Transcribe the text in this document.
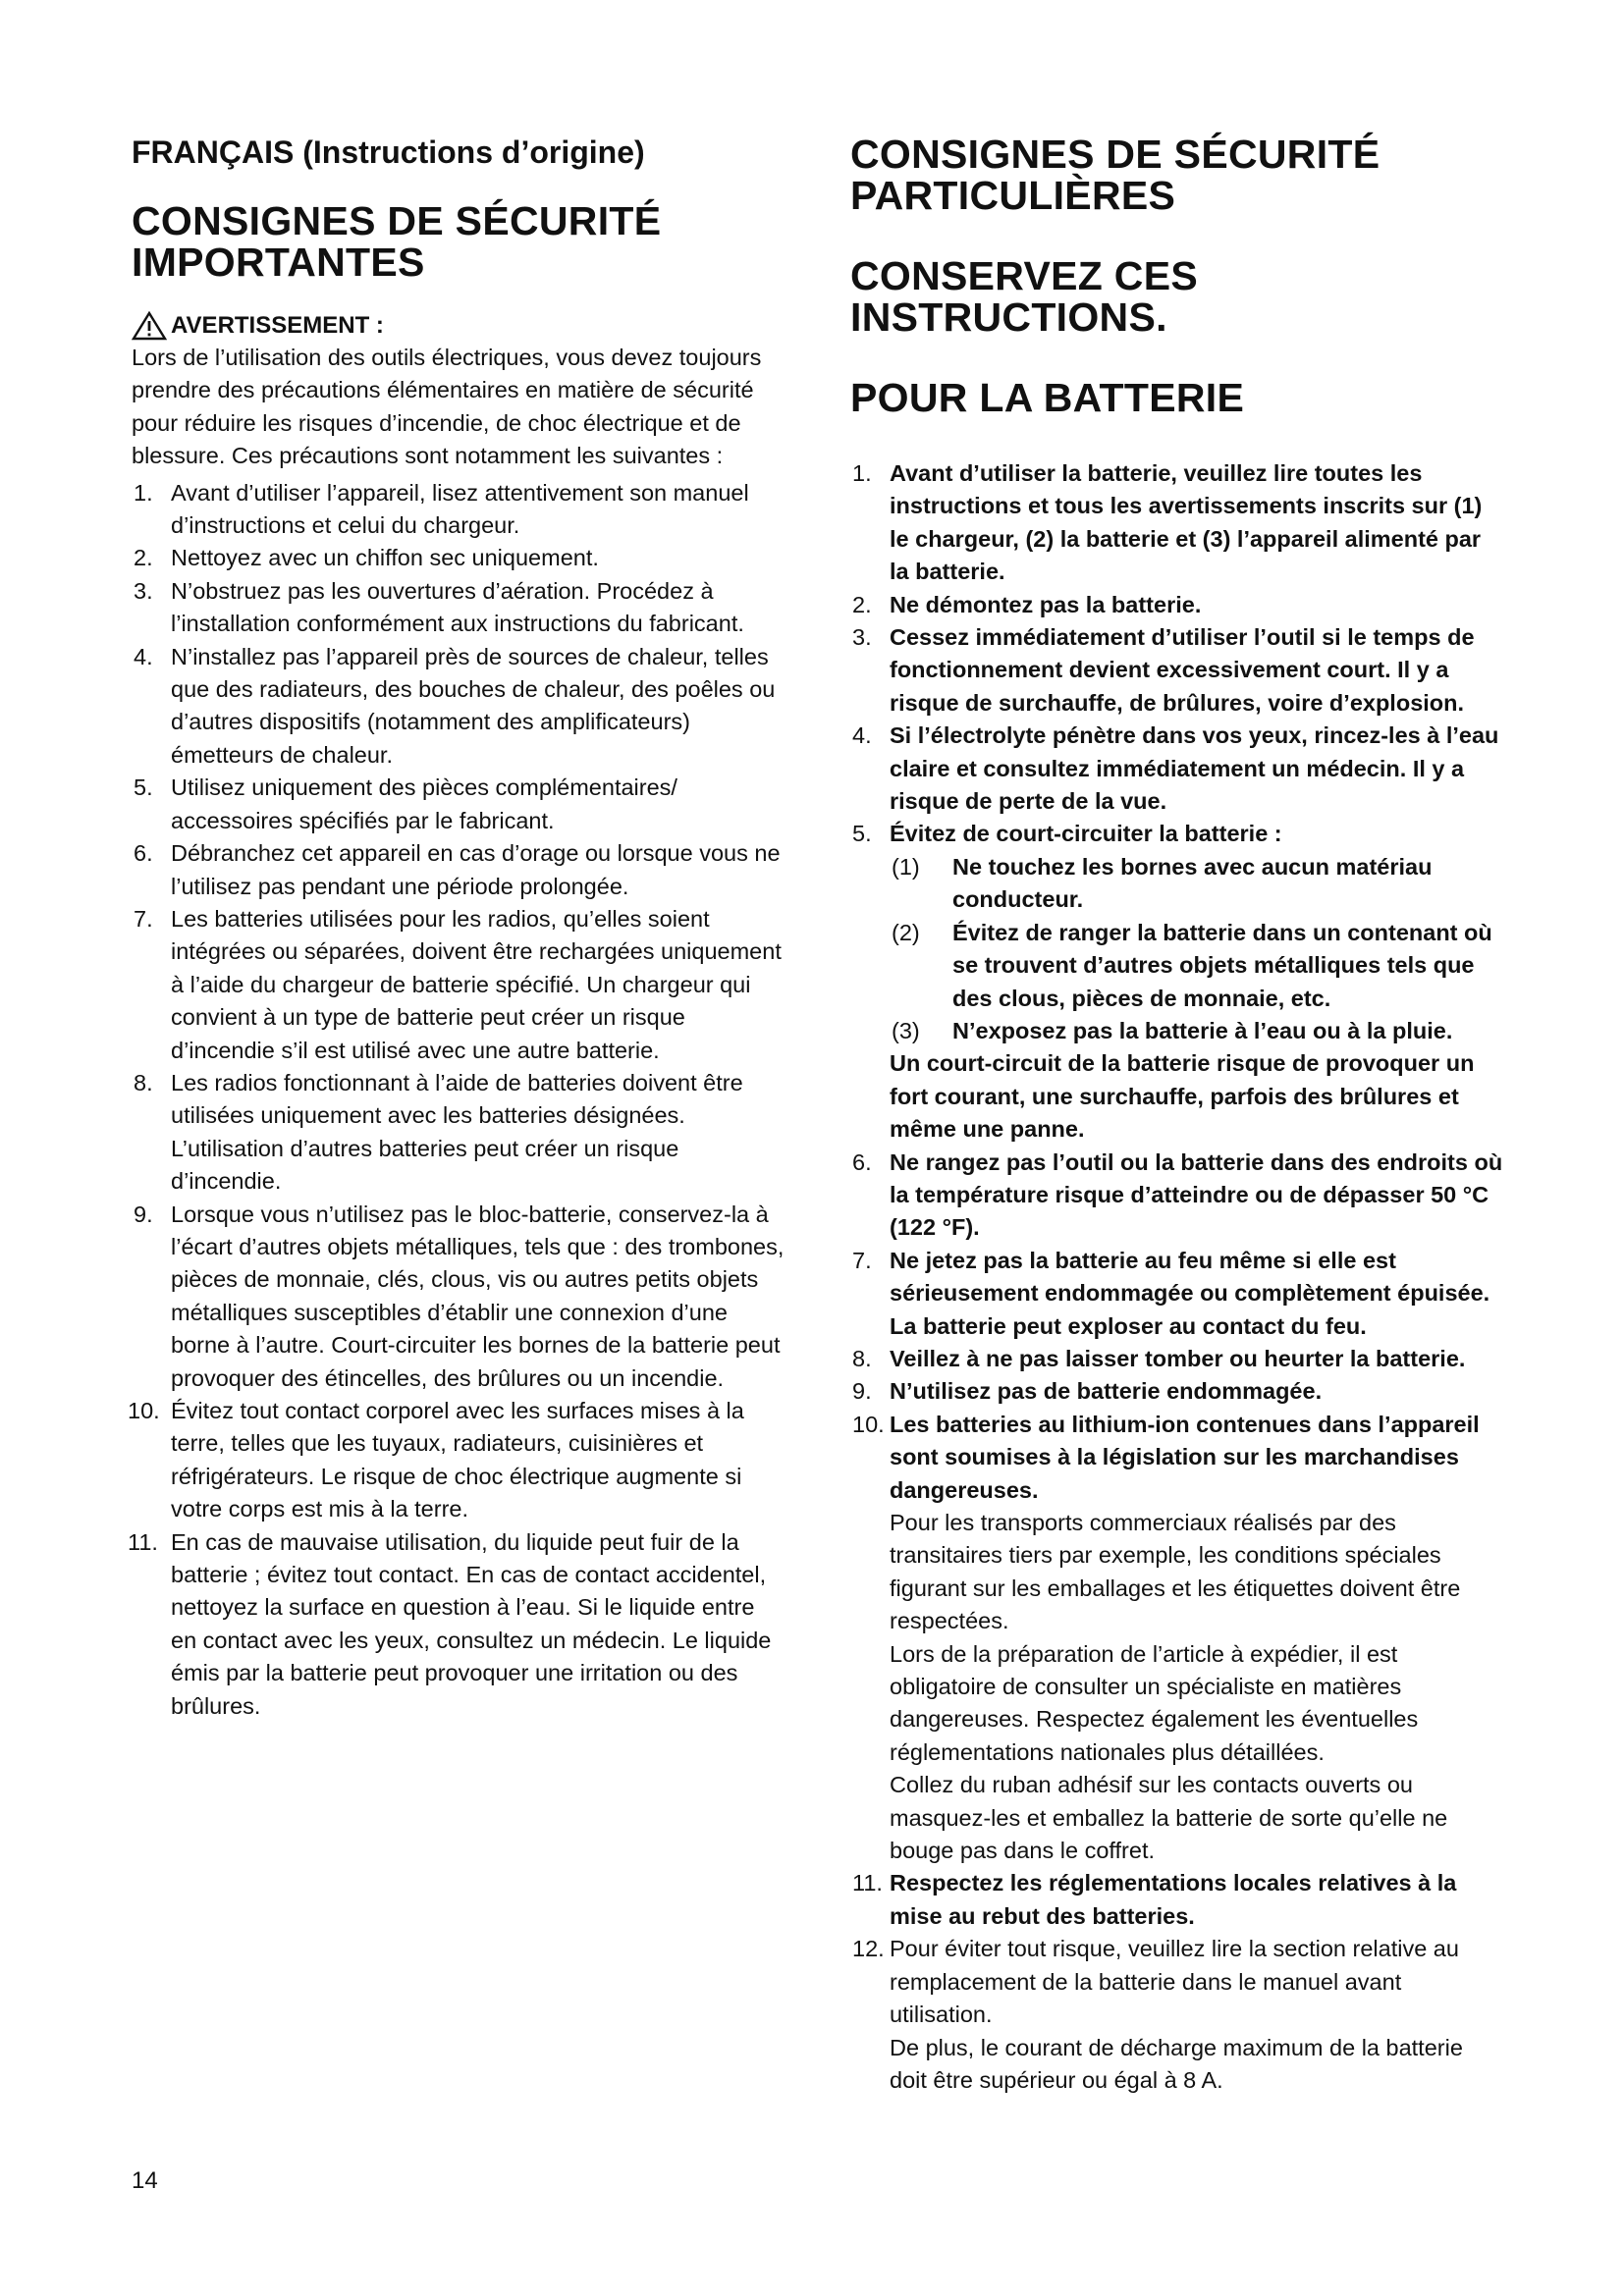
FRANÇAIS (Instructions d’origine)
CONSIGNES DE SÉCURITÉ IMPORTANTES
AVERTISSEMENT :

Lors de l’utilisation des outils électriques, vous devez toujours prendre des précautions élémentaires en matière de sécurité pour réduire les risques d’incendie, de choc électrique et de blessure. Ces précautions sont notamment les suivantes :

1. Avant d’utiliser l’appareil, lisez attentivement son manuel d’instructions et celui du chargeur.
2. Nettoyez avec un chiffon sec uniquement.
3. N’obstruez pas les ouvertures d’aération. Procédez à l’installation conformément aux instructions du fabricant.
4. N’installez pas l’appareil près de sources de chaleur, telles que des radiateurs, des bouches de chaleur, des poêles ou d’autres dispositifs (notamment des amplificateurs) émetteurs de chaleur.
5. Utilisez uniquement des pièces complémentaires/ accessoires spécifiés par le fabricant.
6. Débranchez cet appareil en cas d’orage ou lorsque vous ne l’utilisez pas pendant une période prolongée.
7. Les batteries utilisées pour les radios, qu’elles soient intégrées ou séparées, doivent être rechargées uniquement à l’aide du chargeur de batterie spécifié. Un chargeur qui convient à un type de batterie peut créer un risque d’incendie s’il est utilisé avec une autre batterie.
8. Les radios fonctionnant à l’aide de batteries doivent être utilisées uniquement avec les batteries désignées. L’utilisation d’autres batteries peut créer un risque d’incendie.
9. Lorsque vous n’utilisez pas le bloc-batterie, conservez-la à l’écart d’autres objets métalliques, tels que : des trombones, pièces de monnaie, clés, clous, vis ou autres petits objets métalliques susceptibles d’établir une connexion d’une borne à l’autre. Court-circuiter les bornes de la batterie peut provoquer des étincelles, des brûlures ou un incendie.
10. Évitez tout contact corporel avec les surfaces mises à la terre, telles que les tuyaux, radiateurs, cuisinières et réfrigérateurs. Le risque de choc électrique augmente si votre corps est mis à la terre.
11. En cas de mauvaise utilisation, du liquide peut fuir de la batterie ; évitez tout contact. En cas de contact accidentel, nettoyez la surface en question à l’eau. Si le liquide entre en contact avec les yeux, consultez un médecin. Le liquide émis par la batterie peut provoquer une irritation ou des brûlures.
CONSIGNES DE SÉCURITÉ PARTICULIÈRES
CONSERVEZ CES INSTRUCTIONS.
POUR LA BATTERIE
1. Avant d’utiliser la batterie, veuillez lire toutes les instructions et tous les avertissements inscrits sur (1) le chargeur, (2) la batterie et (3) l’appareil alimenté par la batterie.
2. Ne démontez pas la batterie.
3. Cessez immédiatement d’utiliser l’outil si le temps de fonctionnement devient excessivement court. Il y a risque de surchauffe, de brûlures, voire d’explosion.
4. Si l’électrolyte pénètre dans vos yeux, rincez-les à l’eau claire et consultez immédiatement un médecin. Il y a risque de perte de la vue.
5. Évitez de court-circuiter la batterie :
(1) Ne touchez les bornes avec aucun matériau conducteur.
(2) Évitez de ranger la batterie dans un contenant où se trouvent d’autres objets métalliques tels que des clous, pièces de monnaie, etc.
(3) N’exposez pas la batterie à l’eau ou à la pluie.
Un court-circuit de la batterie risque de provoquer un fort courant, une surchauffe, parfois des brûlures et même une panne.
6. Ne rangez pas l’outil ou la batterie dans des endroits où la température risque d’atteindre ou de dépasser 50 °C (122 °F).
7. Ne jetez pas la batterie au feu même si elle est sérieusement endommagée ou complètement épuisée. La batterie peut exploser au contact du feu.
8. Veillez à ne pas laisser tomber ou heurter la batterie.
9. N’utilisez pas de batterie endommagée.
10. Les batteries au lithium-ion contenues dans l’appareil sont soumises à la législation sur les marchandises dangereuses.
Pour les transports commerciaux réalisés par des transitaires tiers par exemple, les conditions spéciales figurant sur les emballages et les étiquettes doivent être respectées.
Lors de la préparation de l’article à expédier, il est obligatoire de consulter un spécialiste en matières dangereuses. Respectez également les éventuelles réglementations nationales plus détaillées.
Collez du ruban adhésif sur les contacts ouverts ou masquez-les et emballez la batterie de sorte qu’elle ne bouge pas dans le coffret.
11. Respectez les réglementations locales relatives à la mise au rebut des batteries.
12. Pour éviter tout risque, veuillez lire la section relative au remplacement de la batterie dans le manuel avant utilisation.
De plus, le courant de décharge maximum de la batterie doit être supérieur ou égal à 8 A.
14
